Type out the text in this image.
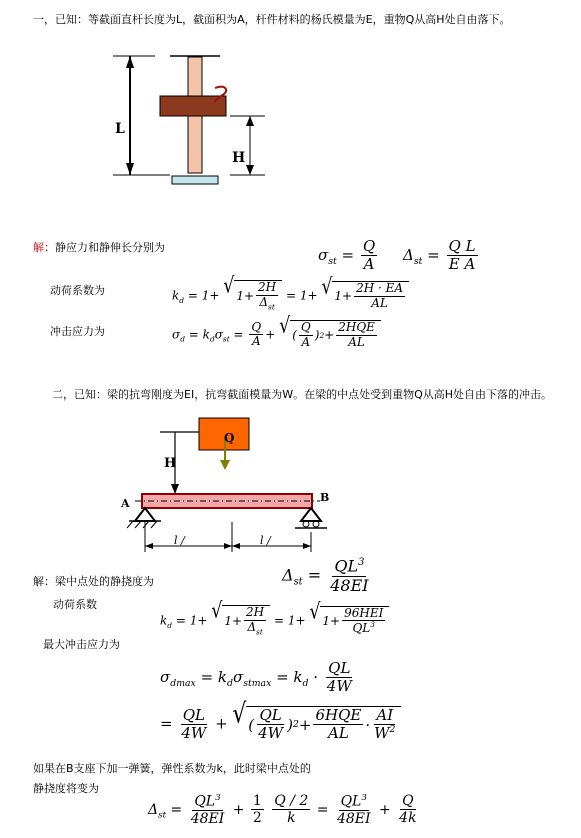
一，已知：等截面直杆长度为L，截面积为A，杆件材料的杨氏模量为E，重物Q从高H处自由落下。
L
H
解：静应力和静伸长分别为	$\sigma_{st} = \frac{Q}{A} \Delta_{st} = \frac{\text{Q L}}{\text{E A}}$
动荷系数为	$k_d = 1+$ √ $1+ \frac{2H}{\Delta_{st}} = 1+$ √ $1+ \frac{2H \cdot EA}{AL}$
冲击应力为	$\sigma_d = k_d\sigma_{st} = \frac{Q}{A}$ + √ ( $\frac{Q}{A}$ ) $2 + \frac{\text{2HQE}}{AL}$
二，已知：梁的抗弯刚度为EI，抗弯截面模量为W。在梁的中点处受到重物Q从高H处自由下落的冲击。
H
Q
A	B
l /	l /
解：梁中点处的静挠度为	$\Delta_{st} = \frac{QL^3}{48EI}$
动荷系数
$k_d = 1+$ √ $1+ \frac{2H}{\Delta_{st}} = 1+$ √ $1+ \frac{\text{96HEI}}{QL^3}$
最大冲击应力为
$\sigma_{dmax} = k_d\sigma_{stmax} = k_d \cdot \frac{QL}{4W}$
= $\frac{QL}{4W}$ + √ ( $\frac{QL}{4W}$ ) $2 + \frac{\text{6HQE}}{AL} \cdot \frac{AI}{W^2}$
如果在B支座下加一弹簧，弹性系数为k，此时梁中点处的
静挠度将变为
$\Delta_{st} = \frac{QL^3}{48EI} + \frac{1}{2}$
$\frac{Q / 2}{k} = \frac{QL^3}{48EI} + \frac{Q}{4k}$
